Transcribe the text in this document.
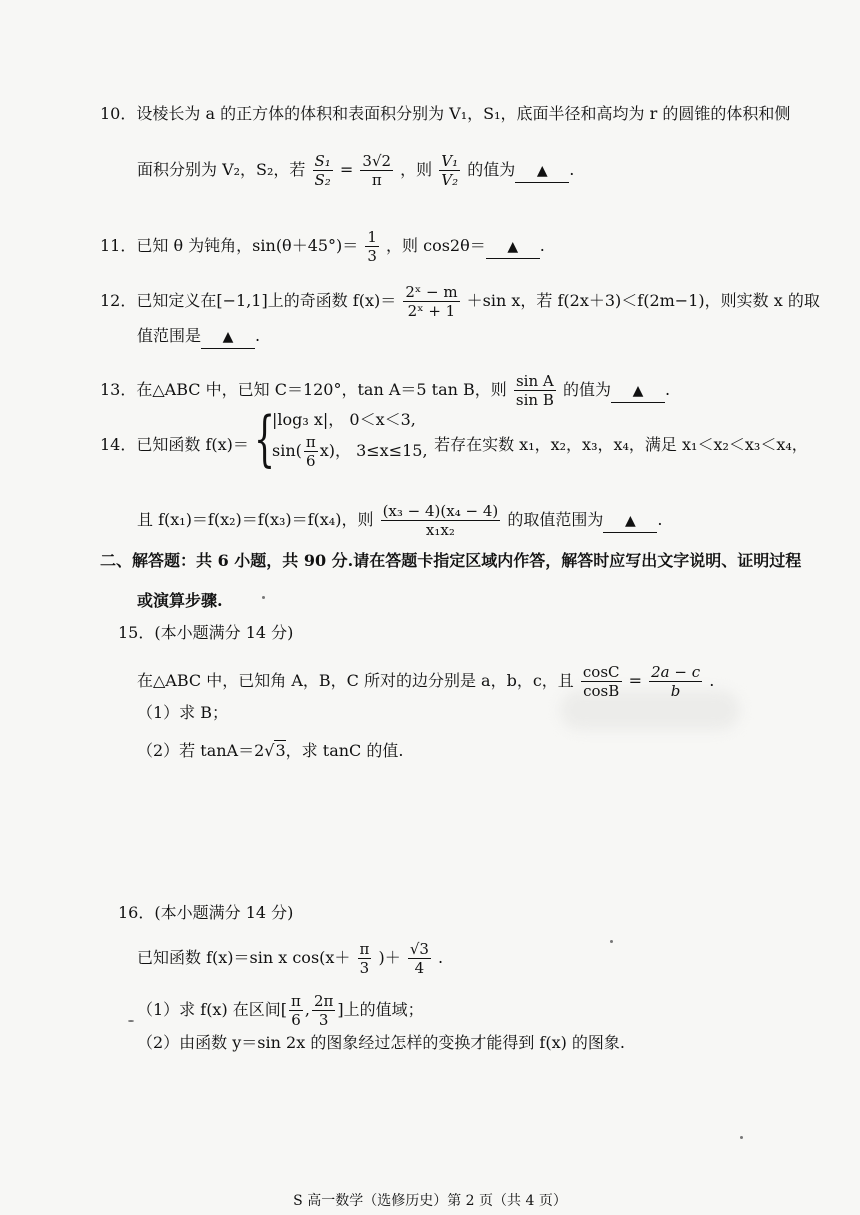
10．设棱长为 a 的正方体的体积和表面积分别为 V₁，S₁，底面半径和高均为 r 的圆锥的体积和侧
面积分别为 V₂，S₂，若 $\frac{\text{S₁}}{\text{S₂}} = \frac{3√2}{\pi}$ ，则 $\frac{\text{V₁}}{\text{V₂}}$ 的值为 ▲ .
11．已知 θ 为钝角，$\sin(\theta+45^\circ)= \frac{1}{3}$ ，则 cos2θ＝ ▲ .
12．已知定义在[−1,1]上的奇函数 $f(x)= \frac{\text{2ˣ − m}}{\text{2ˣ + 1}} +\sin$ x，若 f(2x＋3)＜f(2m−1)，则实数 x 的取
值范围是 ▲ .
13．在△ABC 中，已知 C＝120°，tan A＝5 tan B，则 $\frac{\text{sin A}}{\text{sin B}}$ 的值为 ▲ .
14．已知函数 f(x)＝ {
|log₃ x|， 0＜x＜3,
$\sin( \frac{\pi}{6} x)$， 3≤x≤15, 若存在实数 x₁，x₂，x₃，x₄，满足 x₁＜x₂＜x₃＜x₄，
且 f(x₁)＝f(x₂)＝f(x₃)＝f(x₄)，则 $\frac{\text{(x₃ − 4)(x₄ − 4)}}{\text{x₁x₂}}$ 的取值范围为 ▲ .
二、解答题：共 6 小题，共 90 分.请在答题卡指定区域内作答，解答时应写出文字说明、证明过程
或演算步骤.
15．(本小题满分 14 分)
在△ABC 中，已知角 A，B，C 所对的边分别是 a，b，c，且 $\frac{\cos C}{\cos B} = \frac{2a - c}{b}$ .
（1）求 B；
（2）若 tanA＝2√3，求 tanC 的值.
16．(本小题满分 14 分)
已知函数 f(x)＝sin x $\cos(x+ \frac{\pi}{3}$ )＋ $\frac{√3}{4}$ .
（1）求 f(x) 在区间[ $\frac{\pi}{6}$ , $\frac{2\pi}{3}$ ]上的值域；
（2）由函数 y＝sin 2x 的图象经过怎样的变换才能得到 f(x) 的图象.
S 高一数学（选修历史）第 2 页（共 4 页）
